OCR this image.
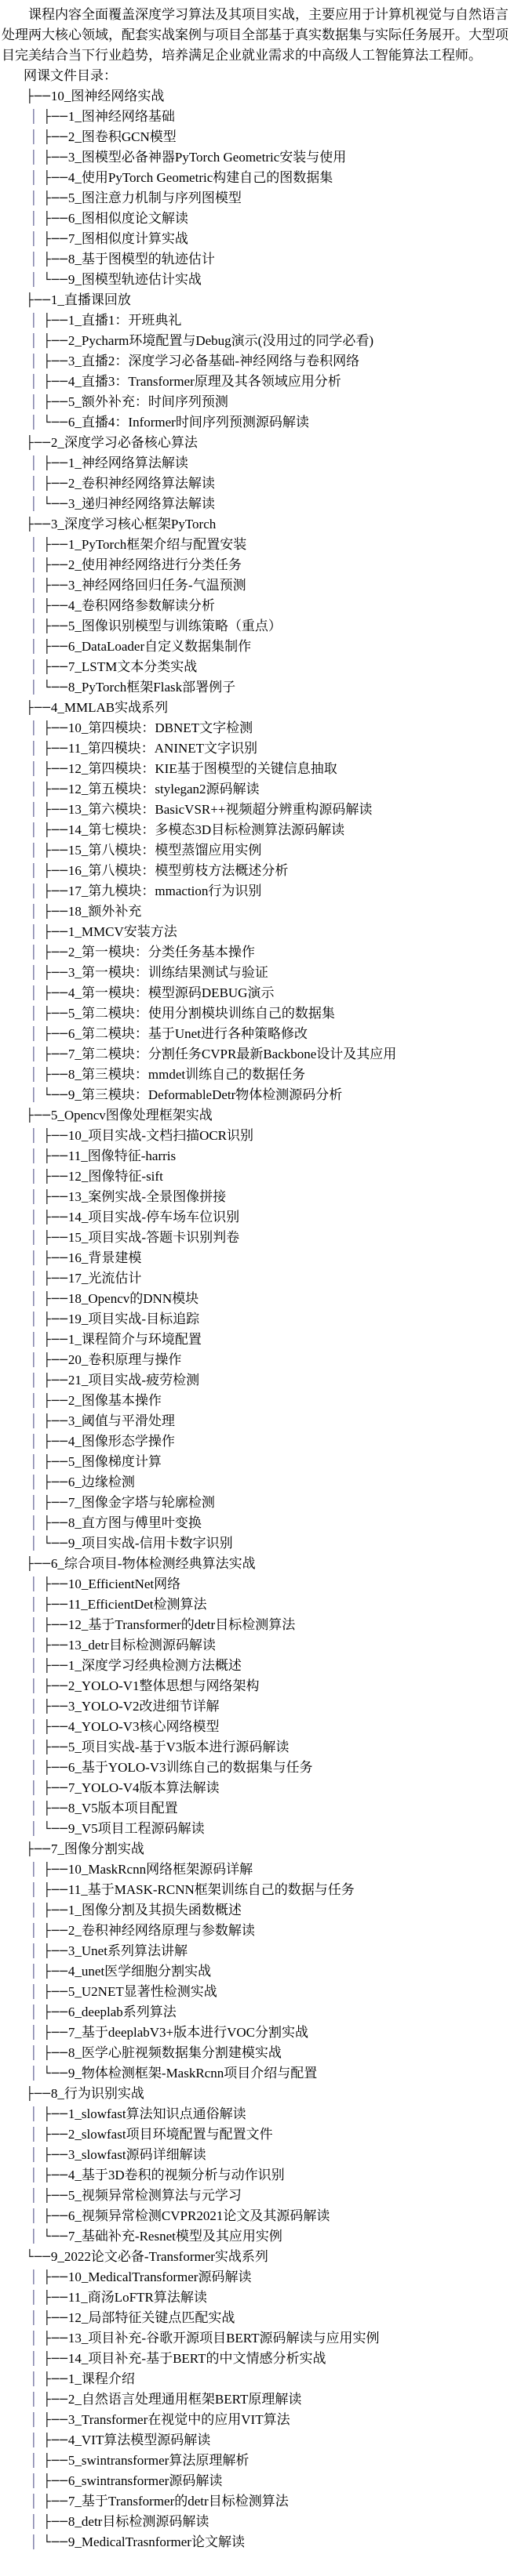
课程内容全面覆盖深度学习算法及其项目实战，主要应用于计算机视觉与自然语言处理两大核心领域，配套实战案例与项目全部基于真实数据集与实际任务展开。大型项目完美结合当下行业趋势，培养满足企业就业需求的中高级人工智能算法工程师。

网课文件目录：

├──10_图神经网络实战
│ ├──1_图神经网络基础
│ ├──2_图卷积GCN模型
│ ├──3_图模型必备神器PyTorch Geometric安装与使用
│ ├──4_使用PyTorch Geometric构建自己的图数据集
│ ├──5_图注意力机制与序列图模型
│ ├──6_图相似度论文解读
│ ├──7_图相似度计算实战
│ ├──8_基于图模型的轨迹估计
│ └──9_图模型轨迹估计实战
├──1_直播课回放
│ ├──1_直播1：开班典礼
│ ├──2_Pycharm环境配置与Debug演示(没用过的同学必看)
│ ├──3_直播2：深度学习必备基础-神经网络与卷积网络
│ ├──4_直播3：Transformer原理及其各领域应用分析
│ ├──5_额外补充：时间序列预测
│ └──6_直播4：Informer时间序列预测源码解读
├──2_深度学习必备核心算法
│ ├──1_神经网络算法解读
│ ├──2_卷积神经网络算法解读
│ └──3_递归神经网络算法解读
├──3_深度学习核心框架PyTorch
│ ├──1_PyTorch框架介绍与配置安装
│ ├──2_使用神经网络进行分类任务
│ ├──3_神经网络回归任务-气温预测
│ ├──4_卷积网络参数解读分析
│ ├──5_图像识别模型与训练策略（重点）
│ ├──6_DataLoader自定义数据集制作
│ ├──7_LSTM文本分类实战
│ └──8_PyTorch框架Flask部署例子
├──4_MMLAB实战系列
│ ├──10_第四模块：DBNET文字检测
│ ├──11_第四模块：ANINET文字识别
│ ├──12_第四模块：KIE基于图模型的关键信息抽取
│ ├──12_第五模块：stylegan2源码解读
│ ├──13_第六模块：BasicVSR++视频超分辨重构源码解读
│ ├──14_第七模块：多模态3D目标检测算法源码解读
│ ├──15_第八模块：模型蒸馏应用实例
│ ├──16_第八模块：模型剪枝方法概述分析
│ ├──17_第九模块：mmaction行为识别
│ ├──18_额外补充
│ ├──1_MMCV安装方法
│ ├──2_第一模块：分类任务基本操作
│ ├──3_第一模块：训练结果测试与验证
│ ├──4_第一模块：模型源码DEBUG演示
│ ├──5_第二模块：使用分割模块训练自己的数据集
│ ├──6_第二模块：基于Unet进行各种策略修改
│ ├──7_第二模块：分割任务CVPR最新Backbone设计及其应用
│ ├──8_第三模块：mmdet训练自己的数据任务
│ └──9_第三模块：DeformableDetr物体检测源码分析
├──5_Opencv图像处理框架实战
│ ├──10_项目实战-文档扫描OCR识别
│ ├──11_图像特征-harris
│ ├──12_图像特征-sift
│ ├──13_案例实战-全景图像拼接
│ ├──14_项目实战-停车场车位识别
│ ├──15_项目实战-答题卡识别判卷
│ ├──16_背景建模
│ ├──17_光流估计
│ ├──18_Opencv的DNN模块
│ ├──19_项目实战-目标追踪
│ ├──1_课程简介与环境配置
│ ├──20_卷积原理与操作
│ ├──21_项目实战-疲劳检测
│ ├──2_图像基本操作
│ ├──3_阈值与平滑处理
│ ├──4_图像形态学操作
│ ├──5_图像梯度计算
│ ├──6_边缘检测
│ ├──7_图像金字塔与轮廓检测
│ ├──8_直方图与傅里叶变换
│ └──9_项目实战-信用卡数字识别
├──6_综合项目-物体检测经典算法实战
│ ├──10_EfficientNet网络
│ ├──11_EfficientDet检测算法
│ ├──12_基于Transformer的detr目标检测算法
│ ├──13_detr目标检测源码解读
│ ├──1_深度学习经典检测方法概述
│ ├──2_YOLO-V1整体思想与网络架构
│ ├──3_YOLO-V2改进细节详解
│ ├──4_YOLO-V3核心网络模型
│ ├──5_项目实战-基于V3版本进行源码解读
│ ├──6_基于YOLO-V3训练自己的数据集与任务
│ ├──7_YOLO-V4版本算法解读
│ ├──8_V5版本项目配置
│ └──9_V5项目工程源码解读
├──7_图像分割实战
│ ├──10_MaskRcnn网络框架源码详解
│ ├──11_基于MASK-RCNN框架训练自己的数据与任务
│ ├──1_图像分割及其损失函数概述
│ ├──2_卷积神经网络原理与参数解读
│ ├──3_Unet系列算法讲解
│ ├──4_unet医学细胞分割实战
│ ├──5_U2NET显著性检测实战
│ ├──6_deeplab系列算法
│ ├──7_基于deeplabV3+版本进行VOC分割实战
│ ├──8_医学心脏视频数据集分割建模实战
│ └──9_物体检测框架-MaskRcnn项目介绍与配置
├──8_行为识别实战
│ ├──1_slowfast算法知识点通俗解读
│ ├──2_slowfast项目环境配置与配置文件
│ ├──3_slowfast源码详细解读
│ ├──4_基于3D卷积的视频分析与动作识别
│ ├──5_视频异常检测算法与元学习
│ ├──6_视频异常检测CVPR2021论文及其源码解读
│ └──7_基础补充-Resnet模型及其应用实例
└──9_2022论文必备-Transformer实战系列
│ ├──10_MedicalTransformer源码解读
│ ├──11_商汤LoFTR算法解读
│ ├──12_局部特征关键点匹配实战
│ ├──13_项目补充-谷歌开源项目BERT源码解读与应用实例
│ ├──14_项目补充-基于BERT的中文情感分析实战
│ ├──1_课程介绍
│ ├──2_自然语言处理通用框架BERT原理解读
│ ├──3_Transformer在视觉中的应用VIT算法
│ ├──4_VIT算法模型源码解读
│ ├──5_swintransformer算法原理解析
│ ├──6_swintransformer源码解读
│ ├──7_基于Transformer的detr目标检测算法
│ ├──8_detr目标检测源码解读
│ └──9_MedicalTrasnformer论文解读
